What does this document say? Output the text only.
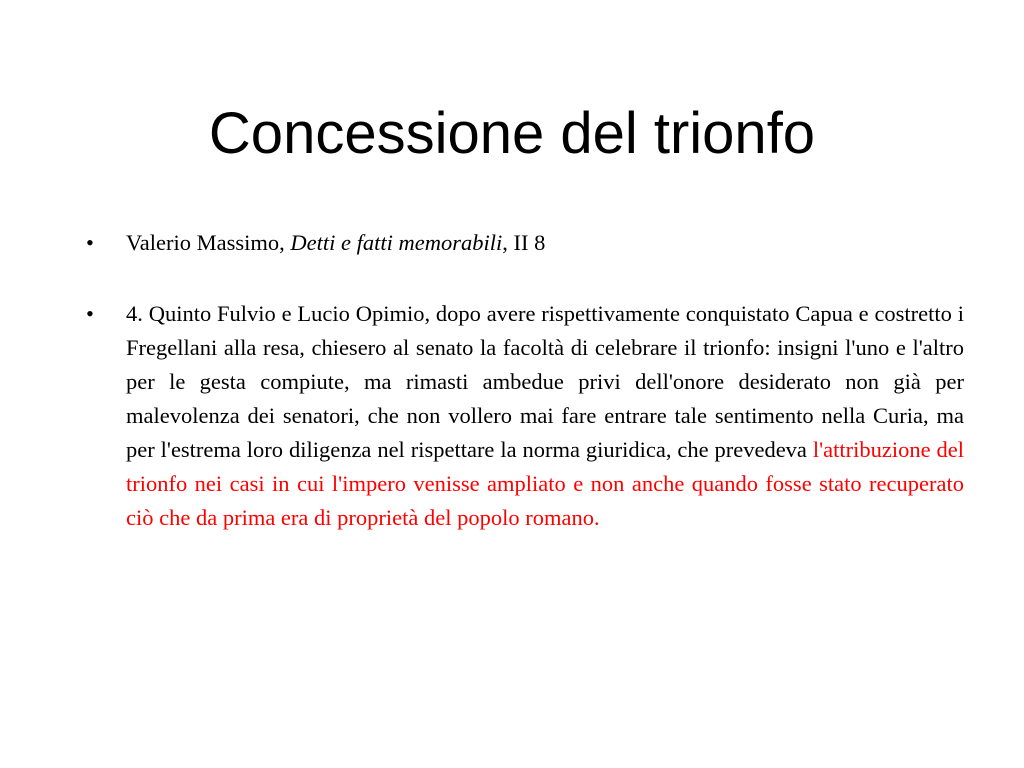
Concessione del trionfo
•	Valerio Massimo, Detti e fatti memorabili, II 8
•	4. Quinto Fulvio e Lucio Opimio, dopo avere rispettivamente conquistato Capua e costretto i Fregellani alla resa, chiesero al senato la facoltà di celebrare il trionfo: insigni l'uno e l'altro per le gesta compiute, ma rimasti ambedue privi dell'onore desiderato non già per malevolenza dei senatori, che non vollero mai fare entrare tale sentimento nella Curia, ma per l'estrema loro diligenza nel rispettare la norma giuridica, che prevedeva l'attribuzione del trionfo nei casi in cui l'impero venisse ampliato e non anche quando fosse stato recuperato ciò che da prima era di proprietà del popolo romano.
